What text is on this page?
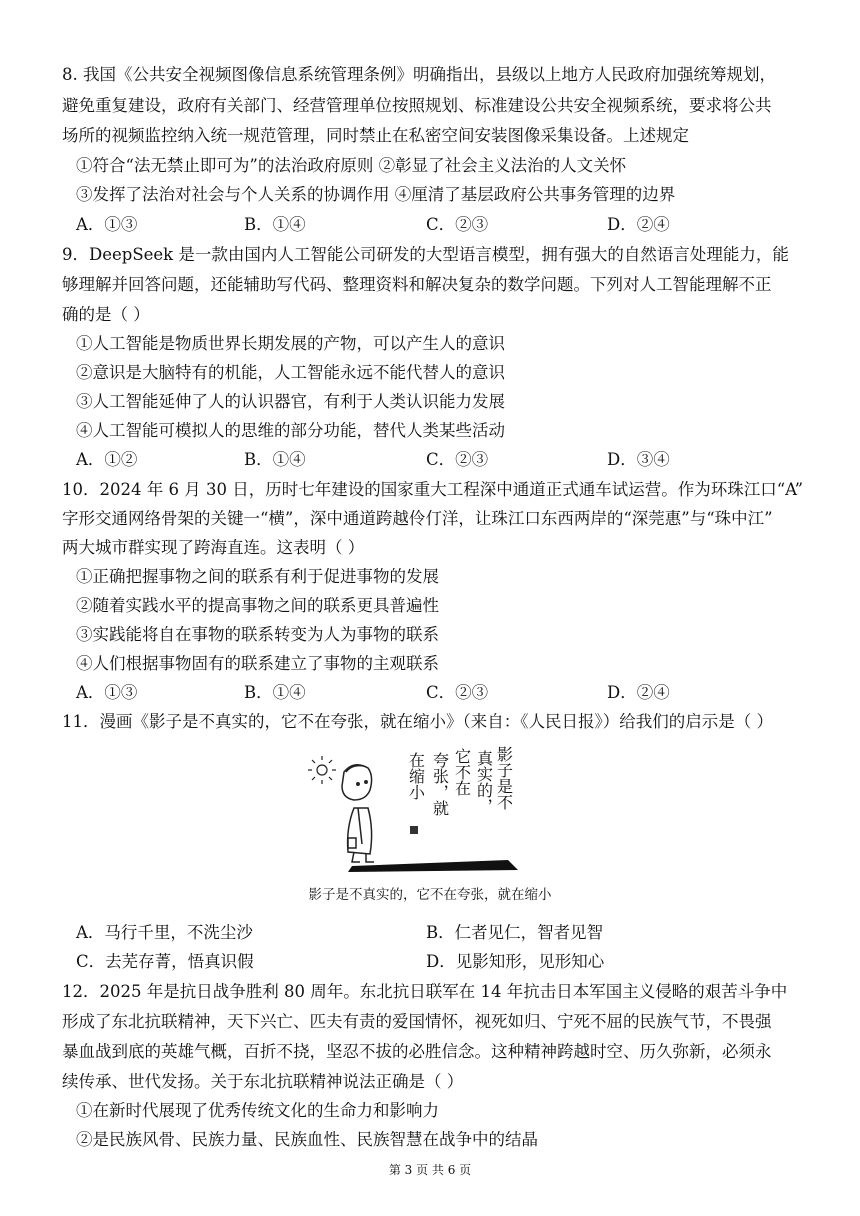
8. 我国《公共安全视频图像信息系统管理条例》明确指出，县级以上地方人民政府加强统筹规划，
避免重复建设，政府有关部门、经营管理单位按照规划、标准建设公共安全视频系统，要求将公共
场所的视频监控纳入统一规范管理，同时禁止在私密空间安装图像采集设备。上述规定
①符合“法无禁止即可为”的法治政府原则 ②彰显了社会主义法治的人文关怀
③发挥了法治对社会与个人关系的协调作用 ④厘清了基层政府公共事务管理的边界
A．①③	B．①④	C．②③	D．②④
9．DeepSeek 是一款由国内人工智能公司研发的大型语言模型，拥有强大的自然语言处理能力，能
够理解并回答问题，还能辅助写代码、整理资料和解决复杂的数学问题。下列对人工智能理解不正
确的是（ ）
①人工智能是物质世界长期发展的产物，可以产生人的意识
②意识是大脑特有的机能，人工智能永远不能代替人的意识
③人工智能延伸了人的认识器官，有利于人类认识能力发展
④人工智能可模拟人的思维的部分功能，替代人类某些活动
A．①②	B．①④	C．②③	D．③④
10．2024 年 6 月 30 日，历时七年建设的国家重大工程深中通道正式通车试运营。作为环珠江口“A”
字形交通网络骨架的关键一“横”，深中通道跨越伶仃洋，让珠江口东西两岸的“深莞惠”与“珠中江”
两大城市群实现了跨海直连。这表明（ ）
①正确把握事物之间的联系有利于促进事物的发展
②随着实践水平的提高事物之间的联系更具普遍性
③实践能将自在事物的联系转变为人为事物的联系
④人们根据事物固有的联系建立了事物的主观联系
A．①③	B．①④	C．②③	D．②④
11．漫画《影子是不真实的，它不在夸张，就在缩小》（来自：《人民日报》）给我们的启示是（ ）
影子是不
真实的，
它不在
夸张，就
在缩小
影子是不真实的，它不在夸张，就在缩小
A．马行千里，不洗尘沙	B．仁者见仁，智者见智
C．去芜存菁，悟真识假	D．见影知形，见形知心
12．2025 年是抗日战争胜利 80 周年。东北抗日联军在 14 年抗击日本军国主义侵略的艰苦斗争中
形成了东北抗联精神，天下兴亡、匹夫有责的爱国情怀，视死如归、宁死不屈的民族气节，不畏强
暴血战到底的英雄气概，百折不挠，坚忍不拔的必胜信念。这种精神跨越时空、历久弥新，必须永
续传承、世代发扬。关于东北抗联精神说法正确是（ ）
①在新时代展现了优秀传统文化的生命力和影响力
②是民族风骨、民族力量、民族血性、民族智慧在战争中的结晶
第 3 页 共 6 页
